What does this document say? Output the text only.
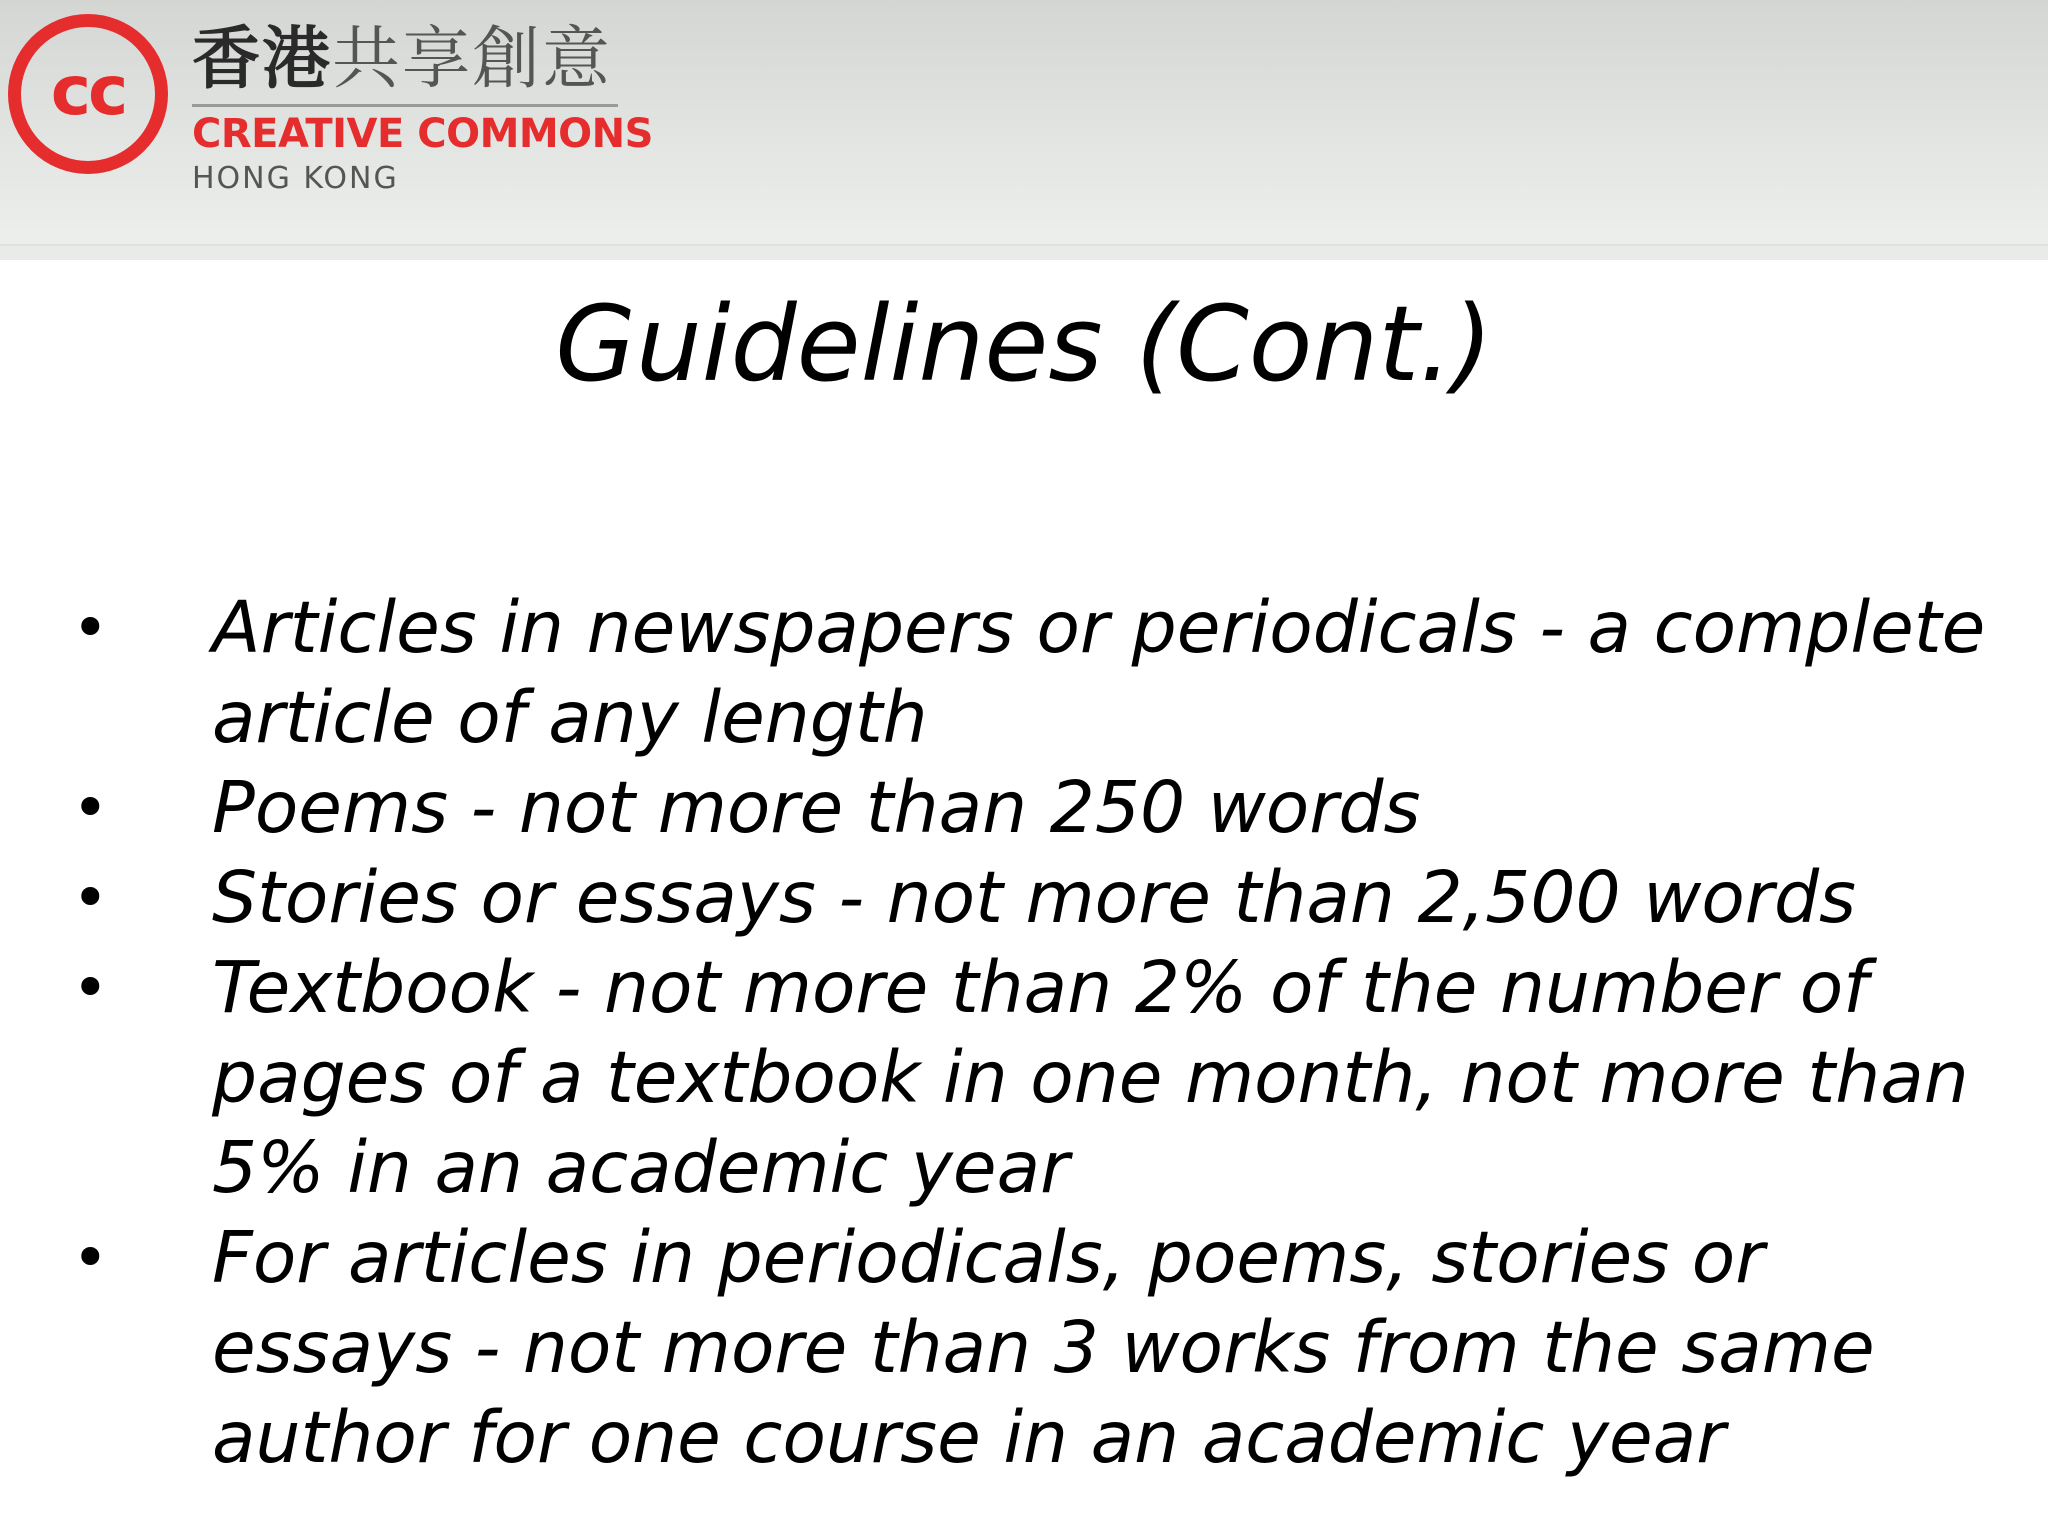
cc 香港共享創意
CREATIVE COMMONS
HONG KONG
Guidelines (Cont.)
• Articles in newspapers or periodicals - a complete article of any length
• Poems - not more than 250 words
• Stories or essays - not more than 2,500 words
• Textbook - not more than 2% of the number of pages of a textbook in one month, not more than 5% in an academic year
• For articles in periodicals, poems, stories or essays - not more than 3 works from the same author for one course in an academic year
